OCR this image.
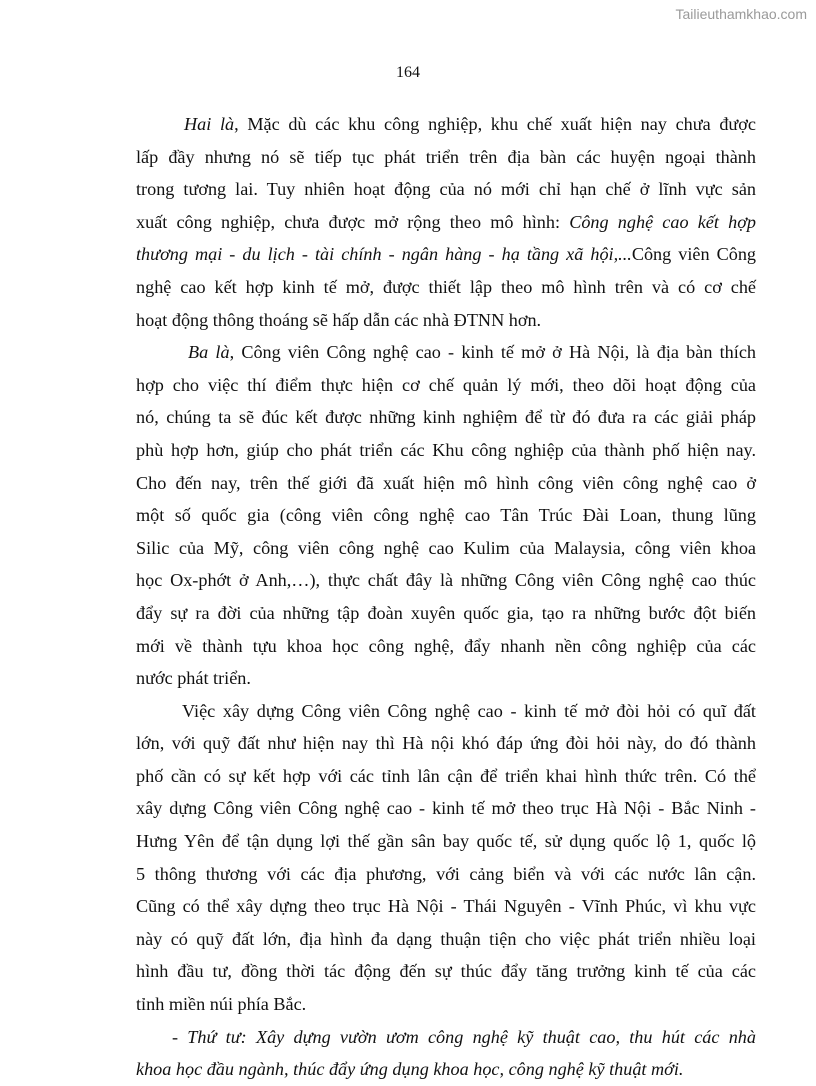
Tailieuthamkhao.com
164
Hai là, Mặc dù các khu công nghiệp, khu chế xuất hiện nay chưa được
lấp đầy nhưng nó sẽ tiếp tục phát triển trên địa bàn các huyện ngoại thành
trong tương lai. Tuy nhiên hoạt động của nó mới chỉ hạn chế ở lĩnh vực sản
xuất công nghiệp, chưa được mở rộng theo mô hình: Công nghệ cao kết hợp
thương mại - du lịch - tài chính - ngân hàng - hạ tầng xã hội,...Công viên Công
nghệ cao kết hợp kinh tế mở, được thiết lập theo mô hình trên và có cơ chế
hoạt động thông thoáng sẽ hấp dẫn các nhà ĐTNN hơn.
Ba là, Công viên Công nghệ cao - kinh tế mở ở Hà Nội, là địa bàn thích
hợp cho việc thí điểm thực hiện cơ chế quản lý mới, theo dõi hoạt động của
nó, chúng ta sẽ đúc kết được những kinh nghiệm để từ đó đưa ra các giải pháp
phù hợp hơn, giúp cho phát triển các Khu công nghiệp của thành phố hiện nay.
Cho đến nay, trên thế giới đã xuất hiện mô hình công viên công nghệ cao ở
một số quốc gia (công viên công nghệ cao Tân Trúc Đài Loan, thung lũng
Silic của Mỹ, công viên công nghệ cao Kulim của Malaysia, công viên khoa
học Ox-phớt ở Anh,…), thực chất đây là những Công viên Công nghệ cao thúc
đẩy sự ra đời của những tập đoàn xuyên quốc gia, tạo ra những bước đột biến
mới về thành tựu khoa học công nghệ, đẩy nhanh nền công nghiệp của các
nước phát triển.
Việc xây dựng Công viên Công nghệ cao - kinh tế mở đòi hỏi có quĩ đất
lớn, với quỹ đất như hiện nay thì Hà nội khó đáp ứng đòi hỏi này, do đó thành
phố cần có sự kết hợp với các tỉnh lân cận để triển khai hình thức trên. Có thể
xây dựng Công viên Công nghệ cao - kinh tế mở theo trục Hà Nội - Bắc Ninh -
Hưng Yên để tận dụng lợi thế gần sân bay quốc tế, sử dụng quốc lộ 1, quốc lộ
5 thông thương với các địa phương, với cảng biển và với các nước lân cận.
Cũng có thể xây dựng theo trục Hà Nội - Thái Nguyên - Vĩnh Phúc, vì khu vực
này có quỹ đất lớn, địa hình đa dạng thuận tiện cho việc phát triển nhiều loại
hình đầu tư, đồng thời tác động đến sự thúc đẩy tăng trưởng kinh tế của các
tỉnh miền núi phía Bắc.
- Thứ tư: Xây dựng vườn ươm công nghệ kỹ thuật cao, thu hút các nhà
khoa học đầu ngành, thúc đẩy ứng dụng khoa học, công nghệ kỹ thuật mới.
